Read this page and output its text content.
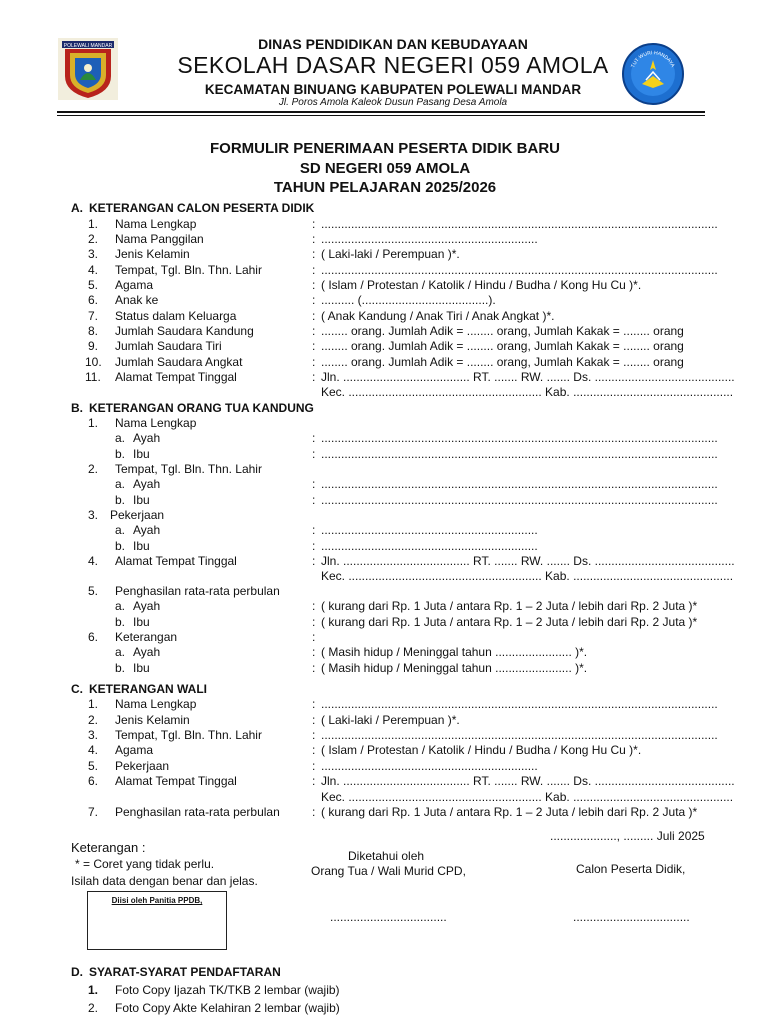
POLEWALI MANDAR	DINAS PENDIDIKAN DAN KEBUDAYAAN
SEKOLAH DASAR NEGERI 059 AMOLA
KECAMATAN BINUANG KABUPATEN POLEWALI MANDAR
Jl. Poros Amola Kaleok Dusun Pasang Desa Amola
TUT WURI HANDAYA
FORMULIR PENERIMAAN PESERTA DIDIK BARU
SD NEGERI 059 AMOLA
TAHUN PELAJARAN 2025/2026
A. KETERANGAN CALON PESERTA DIDIK
1. Nama Lengkap	: .......................................................................................................................
2. Nama Panggilan	: .................................................................
3. Jenis Kelamin	: ( Laki-laki / Perempuan )*.
4. Tempat, Tgl. Bln. Thn. Lahir	: .......................................................................................................................
5. Agama	: ( Islam / Protestan / Katolik / Hindu / Budha / Kong Hu Cu )*.
6. Anak ke	: .......... (......................................).
7. Status dalam Keluarga	: ( Anak Kandung / Anak Tiri / Anak Angkat )*.
8. Jumlah Saudara Kandung	: ........ orang. Jumlah Adik = ........ orang, Jumlah Kakak = ........ orang
9. Jumlah Saudara Tiri	: ........ orang. Jumlah Adik = ........ orang, Jumlah Kakak = ........ orang
10. Jumlah Saudara Angkat	: ........ orang. Jumlah Adik = ........ orang, Jumlah Kakak = ........ orang
11. Alamat Tempat Tinggal	: Jln. ...................................... RT. ....... RW. ....... Ds. ..........................................
Kec. .......................................................... Kab. ................................................
B. KETERANGAN ORANG TUA KANDUNG
1. Nama Lengkap
a. Ayah	: .......................................................................................................................
b. Ibu	: .......................................................................................................................
2. Tempat, Tgl. Bln. Thn. Lahir
a. Ayah	: .......................................................................................................................
b. Ibu	: .......................................................................................................................
3. Pekerjaan
a. Ayah	: .................................................................
b. Ibu	: .................................................................
4. Alamat Tempat Tinggal	: Jln. ...................................... RT. ....... RW. ....... Ds. ..........................................
Kec. .......................................................... Kab. ................................................
5. Penghasilan rata-rata perbulan
a. Ayah	: ( kurang dari Rp. 1 Juta / antara Rp. 1 – 2 Juta / lebih dari Rp. 2 Juta )*
b. Ibu	: ( kurang dari Rp. 1 Juta / antara Rp. 1 – 2 Juta / lebih dari Rp. 2 Juta )*
6. Keterangan	:
a. Ayah	: ( Masih hidup / Meninggal tahun ....................... )*.
b. Ibu	: ( Masih hidup / Meninggal tahun ....................... )*.
C. KETERANGAN WALI
1. Nama Lengkap	: .......................................................................................................................
2. Jenis Kelamin	: ( Laki-laki / Perempuan )*.
3. Tempat, Tgl. Bln. Thn. Lahir	: .......................................................................................................................
4. Agama	: ( Islam / Protestan / Katolik / Hindu / Budha / Kong Hu Cu )*.
5. Pekerjaan	: .................................................................
6. Alamat Tempat Tinggal	: Jln. ...................................... RT. ....... RW. ....... Ds. ..........................................
Kec. .......................................................... Kab. ................................................
7. Penghasilan rata-rata perbulan	: ( kurang dari Rp. 1 Juta / antara Rp. 1 – 2 Juta / lebih dari Rp. 2 Juta )*
...................., ......... Juli 2025
Keterangan :
* = Coret yang tidak perlu.
Isilah data dengan benar dan jelas.
Diketahui oleh
Orang Tua / Wali Murid CPD,	Calon Peserta Didik,
Diisi oleh Panitia PPDB,
...................................	...................................
D. SYARAT-SYARAT PENDAFTARAN
1. Foto Copy Ijazah TK/TKB 2 lembar (wajib)
2. Foto Copy Akte Kelahiran 2 lembar (wajib)
